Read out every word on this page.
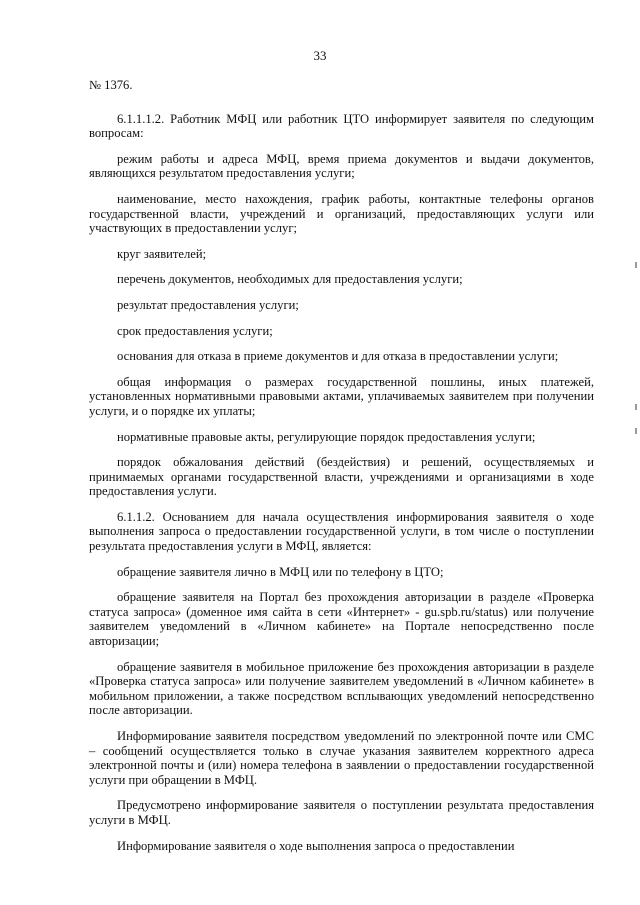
33

№ 1376.

6.1.1.1.2. Работник МФЦ или работник ЦТО информирует заявителя по следующим вопросам:

режим работы и адреса МФЦ, время приема документов и выдачи документов, являющихся результатом предоставления услуги;

наименование, место нахождения, график работы, контактные телефоны органов государственной власти, учреждений и организаций, предоставляющих услуги или участвующих в предоставлении услуг;

круг заявителей;

перечень документов, необходимых для предоставления услуги;

результат предоставления услуги;

срок предоставления услуги;

основания для отказа в приеме документов и для отказа в предоставлении услуги;

общая информация о размерах государственной пошлины, иных платежей, установленных нормативными правовыми актами, уплачиваемых заявителем при получении услуги, и о порядке их уплаты;

нормативные правовые акты, регулирующие порядок предоставления услуги;

порядок обжалования действий (бездействия) и решений, осуществляемых и принимаемых органами государственной власти, учреждениями и организациями в ходе предоставления услуги.

6.1.1.2. Основанием для начала осуществления информирования заявителя о ходе выполнения запроса о предоставлении государственной услуги, в том числе о поступлении результата предоставления услуги в МФЦ, является:

обращение заявителя лично в МФЦ или по телефону в ЦТО;

обращение заявителя на Портал без прохождения авторизации в разделе «Проверка статуса запроса» (доменное имя сайта в сети «Интернет» - gu.spb.ru/status) или получение заявителем уведомлений в «Личном кабинете» на Портале непосредственно после авторизации;

обращение заявителя в мобильное приложение без прохождения авторизации в разделе «Проверка статуса запроса» или получение заявителем уведомлений в «Личном кабинете» в мобильном приложении, а также посредством всплывающих уведомлений непосредственно после авторизации.

Информирование заявителя посредством уведомлений по электронной почте или СМС – сообщений осуществляется только в случае указания заявителем корректного адреса электронной почты и (или) номера телефона в заявлении о предоставлении государственной услуги при обращении в МФЦ.

Предусмотрено информирование заявителя о поступлении результата предоставления услуги в МФЦ.

Информирование заявителя о ходе выполнения запроса о предоставлении
